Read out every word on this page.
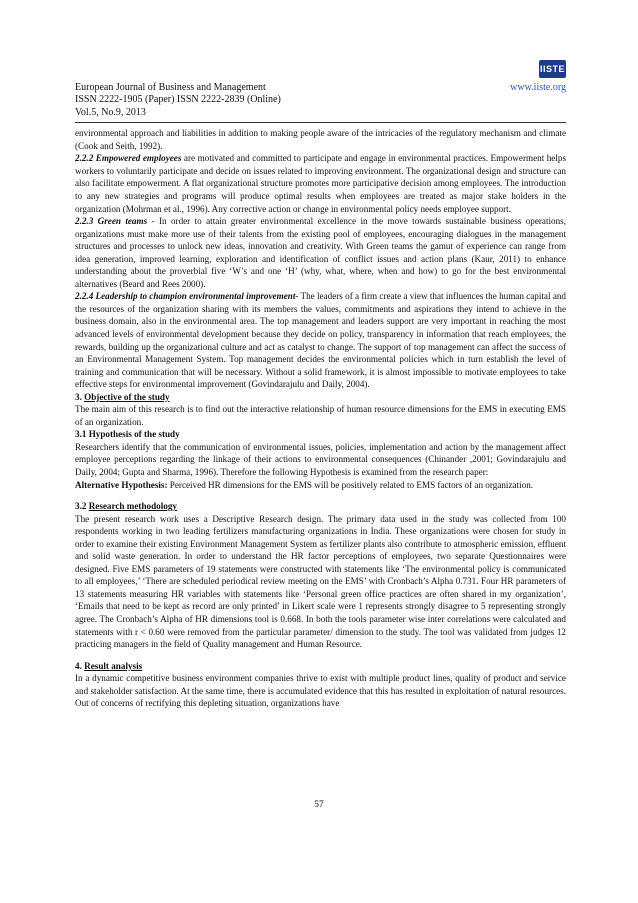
IISTE
European Journal of Business and Management
ISSN 2222-1905 (Paper) ISSN 2222-2839 (Online)
Vol.5, No.9, 2013
www.iiste.org

environmental approach and liabilities in addition to making people aware of the intricacies of the regulatory mechanism and climate (Cook and Seith, 1992).

2.2.2 Empowered employees are motivated and committed to participate and engage in environmental practices. Empowerment helps workers to voluntarily participate and decide on issues related to improving environment. The organizational design and structure can also facilitate empowerment. A flat organizational structure promotes more participative decision among employees. The introduction to any new strategies and programs will produce optimal results when employees are treated as major stake holders in the organization (Mohrman et al., 1996). Any corrective action or change in environmental policy needs employee support.

2.2.3 Green teams - In order to attain greater environmental excellence in the move towards sustainable business operations, organizations must make more use of their talents from the existing pool of employees, encouraging dialogues in the management structures and processes to unlock new ideas, innovation and creativity. With Green teams the gamut of experience can range from idea generation, improved learning, exploration and identification of conflict issues and action plans (Kaur, 2011) to enhance understanding about the proverbial five ‘W’s and one ‘H’ (why, what, where, when and how) to go for the best environmental alternatives (Beard and Rees 2000).

2.2.4 Leadership to champion environmental improvement- The leaders of a firm create a view that influences the human capital and the resources of the organization sharing with its members the values, commitments and aspirations they intend to achieve in the business domain, also in the environmental area. The top management and leaders support are very important in reaching the most advanced levels of environmental development because they decide on policy, transparency in information that reach employees, the rewards, building up the organizational culture and act as catalyst to change. The support of top management can affect the success of an Environmental Management System. Top management decides the environmental policies which in turn establish the level of training and communication that will be necessary. Without a solid framework, it is almost impossible to motivate employees to take effective steps for environmental improvement (Govindarajulu and Daily, 2004).

3. Objective of the study

The main aim of this research is to find out the interactive relationship of human resource dimensions for the EMS in executing EMS of an organization.

3.1 Hypothesis of the study

Researchers identify that the communication of environmental issues, policies, implementation and action by the management affect employee perceptions regarding the linkage of their actions to environmental consequences (Chinander ,2001; Govindarajulu and Daily, 2004; Gupta and Sharma, 1996). Therefore the following Hypothesis is examined from the research paper:

Alternative Hypothesis: Perceived HR dimensions for the EMS will be positively related to EMS factors of an organization.

3.2 Research methodology

The present research work uses a Descriptive Research design. The primary data used in the study was collected from 100 respondents working in two leading fertilizers manufacturing organizations in India. These organizations were chosen for study in order to examine their existing Environment Management System as fertilizer plants also contribute to atmospheric emission, effluent and solid waste generation. In order to understand the HR factor perceptions of employees, two separate Questionnaires were designed. Five EMS parameters of 19 statements were constructed with statements like ‘The environmental policy is communicated to all employees,’ ‘There are scheduled periodical review meeting on the EMS’ with Cronbach’s Alpha 0.731. Four HR parameters of 13 statements measuring HR variables with statements like ‘Personal green office practices are often shared in my organization’, ‘Emails that need to be kept as record are only printed’ in Likert scale were 1 represents strongly disagree to 5 representing strongly agree. The Cronbach’s Alpha of HR dimensions tool is 0.668. In both the tools parameter wise inter correlations were calculated and statements with r < 0.60 were removed from the particular parameter/ dimension to the study. The tool was validated from judges 12 practicing managers in the field of Quality management and Human Resource.

4. Result analysis

In a dynamic competitive business environment companies thrive to exist with multiple product lines, quality of product and service and stakeholder satisfaction. At the same time, there is accumulated evidence that this has resulted in exploitation of natural resources. Out of concerns of rectifying this depleting situation, organizations have

57
